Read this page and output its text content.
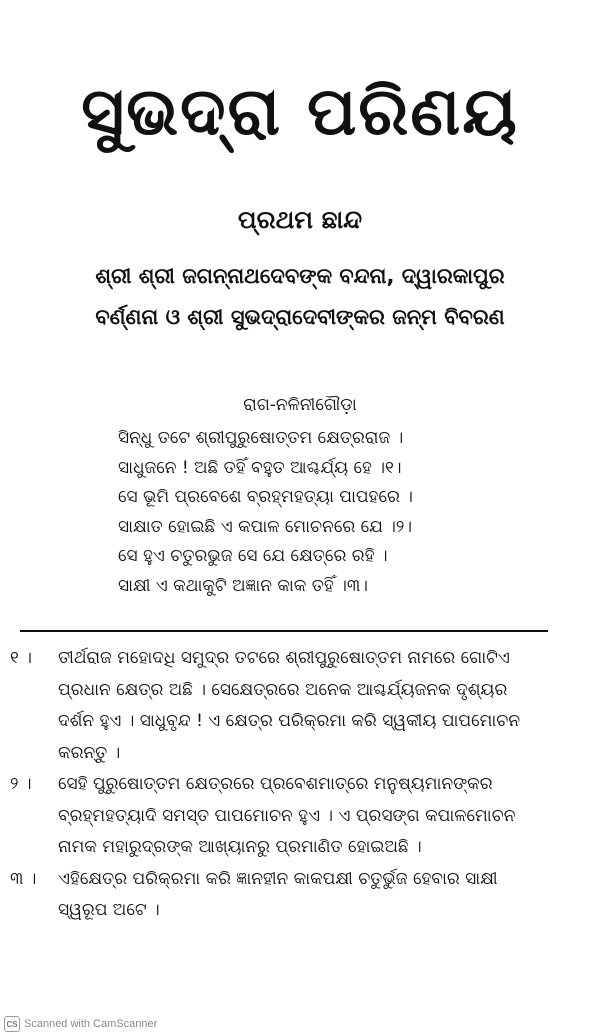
ସୁଭଦ୍ରା ପରିଣୟ
ପ୍ରଥମ ଛାନ୍ଦ
ଶ୍ରୀ ଶ୍ରୀ ଜଗନ୍ନାଥଦେବଙ୍କ ବନ୍ଦନା, ଦ୍ୱାରକାପୁର
ବର୍ଣ୍ଣନା ଓ ଶ୍ରୀ ସୁଭଦ୍ରାଦେବୀଙ୍କର ଜନ୍ମ ବିବରଣ
ରାଗ-ନଳିନୀଗୌଡ଼ା
ସିନ୍ଧୁ ତଟେ ଶ୍ରୀପୁରୁଷୋତ୍ତମ କ୍ଷେତ୍ରରାଜ ।
ସାଧୁଜନେ ! ଅଛି ତହିଁ ବହୁତ ଆଶ୍ଚର୍ଯ୍ୟ ହେ ।୧।
ସେ ଭୂମି ପ୍ରବେଶେ ବ୍ରହ୍ମହତ୍ୟା ପାପହରେ ।
ସାକ୍ଷାତ ହୋଇଛି ଏ କପାଳ ମୋଚନରେ ଯେ ।୨।
ସେ ହୁଏ ଚତୁରଭୁଜ ସେ ଯେ କ୍ଷେତ୍ରେ ରହି ।
ସାକ୍ଷୀ ଏ କଥାକୁଟି ଅଜ୍ଞାନ କାକ ତହିଁ ।୩।
୧ ।	ତୀର୍ଥରାଜ ମହୋଦଧି ସମୁଦ୍ର ତଟରେ ଶ୍ରୀପୁରୁଷୋତ୍ତମ ନାମରେ ଗୋଟିଏ
ପ୍ରଧାନ କ୍ଷେତ୍ର ଅଛି । ସେକ୍ଷେତ୍ରରେ ଅନେକ ଆଶ୍ଚର୍ଯ୍ୟଜନକ ଦୃଶ୍ୟର
ଦର୍ଶନ ହୁଏ । ସାଧୁବୃନ୍ଦ ! ଏ କ୍ଷେତ୍ର ପରିକ୍ରମା କରି ସ୍ୱକୀୟ ପାପମୋଚନ
କରନ୍ତୁ ।
୨ ।	ସେହି ପୁରୁଷୋତ୍ତମ କ୍ଷେତ୍ରରେ ପ୍ରବେଶମାତ୍ରେ ମନୁଷ୍ୟମାନଙ୍କର
ବ୍ରହ୍ମହତ୍ୟାଦି ସମସ୍ତ ପାପମୋଚନ ହୁଏ । ଏ ପ୍ରସଙ୍ଗ କପାଳମୋଚନ
ନାମକ ମହାରୁଦ୍ରଙ୍କ ଆଖ୍ୟାନରୁ ପ୍ରମାଣିତ ହୋଇଅଛି ।
୩ ।	ଏହିକ୍ଷେତ୍ର ପରିକ୍ରମା କରି ଜ୍ଞାନହୀନ କାକପକ୍ଷୀ ଚତୁର୍ଭୁଜ ହେବାର ସାକ୍ଷୀ
ସ୍ୱରୂପ ଅଟେ ।
CS Scanned with CamScanner
